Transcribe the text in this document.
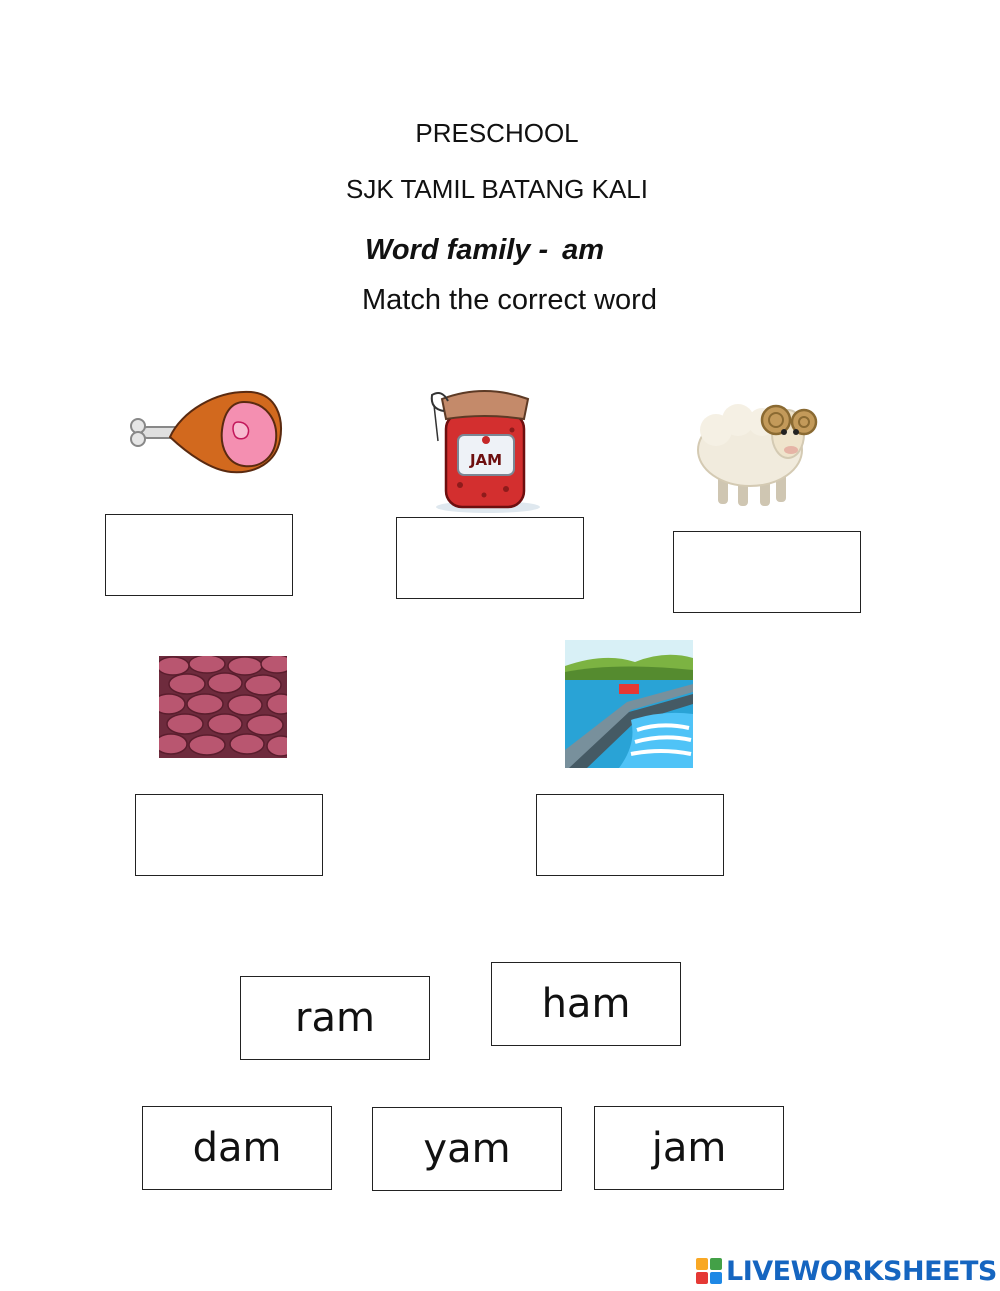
PRESCHOOL
SJK TAMIL BATANG KALI
Word family - am
Match the correct word
JAM
ram	ham
dam	yam	jam
LIVEWORKSHEETS
